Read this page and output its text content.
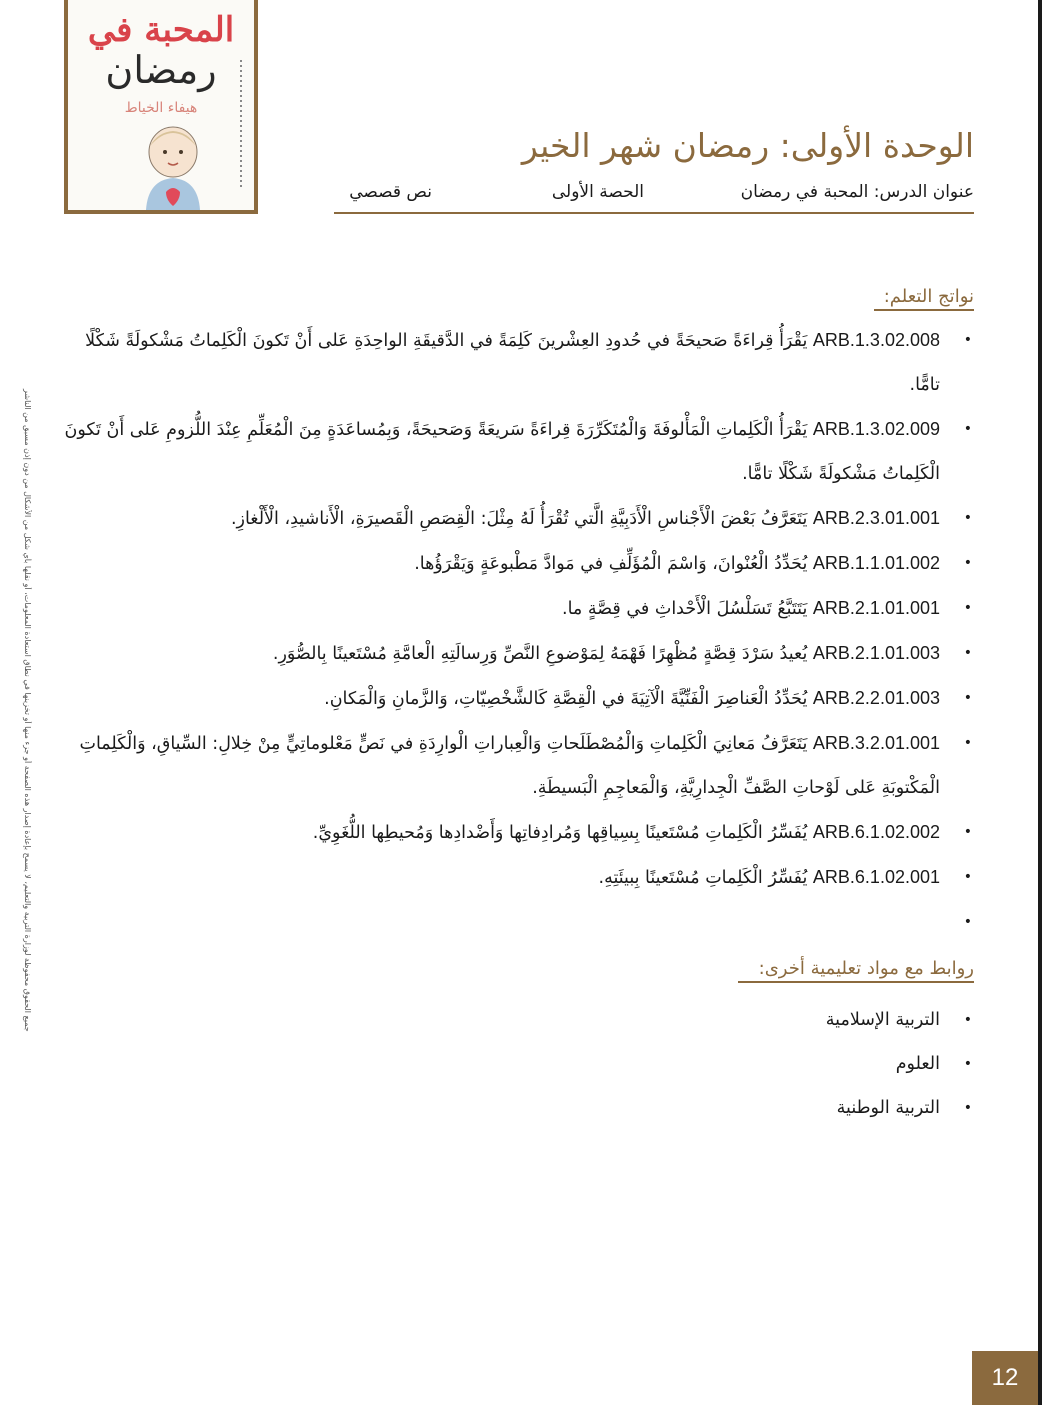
المحبة في
رمضان
هيفاء الخياط
الوحدة الأولى: رمضان شهر الخير
عنوان الدرس: المحبة في رمضان
الحصة الأولى
نص قصصي
جميع الحقوق محفوظة لوزارة التربية والتعليم، لا يسمح بإعادة إصدار هذه الصفحة أو جزء منها أو تخزينها في نطاق استعادة المعلومات، أو نقلها بأي شكل من الأشكال من دون إذن مسبق من الناشر
نواتج التعلم:
•
ARB.1.3.02.008 يَقْرَأُ قِراءَةً صَحيحَةً في حُدودِ العِشْرينَ كَلِمَةً في الدَّقيقَةِ الواحِدَةِ عَلى أَنْ تَكونَ الْكَلِماتُ مَشْكولَةً شَكْلًا تامًّا.
•
ARB.1.3.02.009 يَقْرَأُ الْكَلِماتِ الْمَأْلوفَةَ وَالْمُتَكَرِّرَةَ قِراءَةً سَريعَةً وَصَحيحَةً، وَبِمُساعَدَةٍ مِنَ الْمُعَلِّمِ عِنْدَ اللُّزومِ عَلى أَنْ تَكونَ الْكَلِماتُ مَشْكولَةً شَكْلًا تامًّا.
•
ARB.2.3.01.001 يَتَعَرَّفُ بَعْضَ الْأَجْناسِ الْأَدَبِيَّةِ الَّتي تُقْرَأُ لَهُ مِثْلَ: الْقِصَصِ الْقَصيرَةِ، الْأَناشيدِ، الْأَلْغازِ.
•
ARB.1.1.01.002 يُحَدِّدُ الْعُنْوانَ، وَاسْمَ الْمُؤَلِّفِ في مَوادَّ مَطْبوعَةٍ وَيَقْرَؤُها.
•
ARB.2.1.01.001 يَتَتَبَّعُ تَسَلْسُلَ الْأَحْداثِ في قِصَّةٍ ما.
•
ARB.2.1.01.003 يُعيدُ سَرْدَ قِصَّةٍ مُظْهِرًا فَهْمَهُ لِمَوْضوعِ النَّصِّ وَرِسالَتِهِ الْعامَّةِ مُسْتَعينًا بِالصُّوَرِ.
•
ARB.2.2.01.003 يُحَدِّدُ الْعَناصِرَ الْفَنِّيَّةَ الْآتِيَةَ في الْقِصَّةِ كَالشَّخْصِيّاتِ، وَالزَّمانِ وَالْمَكانِ.
•
ARB.3.2.01.001 يَتَعَرَّفُ مَعانِيَ الْكَلِماتِ وَالْمُصْطَلَحاتِ وَالْعِباراتِ الْوارِدَةِ في نَصٍّ مَعْلوماتِيٍّ مِنْ خِلالِ: السِّياقِ، وَالْكَلِماتِ الْمَكْتوبَةِ عَلى لَوْحاتِ الصَّفِّ الْجِدارِيَّةِ، وَالْمَعاجِمِ الْبَسيطَةِ.
•
ARB.6.1.02.002 يُفَسِّرُ الْكَلِماتِ مُسْتَعينًا بِسِياقِها وَمُرادِفاتِها وَأَضْدادِها وَمُحيطِها اللُّغَوِيِّ.
•
ARB.6.1.02.001 يُفَسِّرُ الْكَلِماتِ مُسْتَعينًا بِبيئَتِهِ.
•

روابط مع مواد تعليمية أخرى:
•
التربية الإسلامية
•
العلوم
•
التربية الوطنية
12
